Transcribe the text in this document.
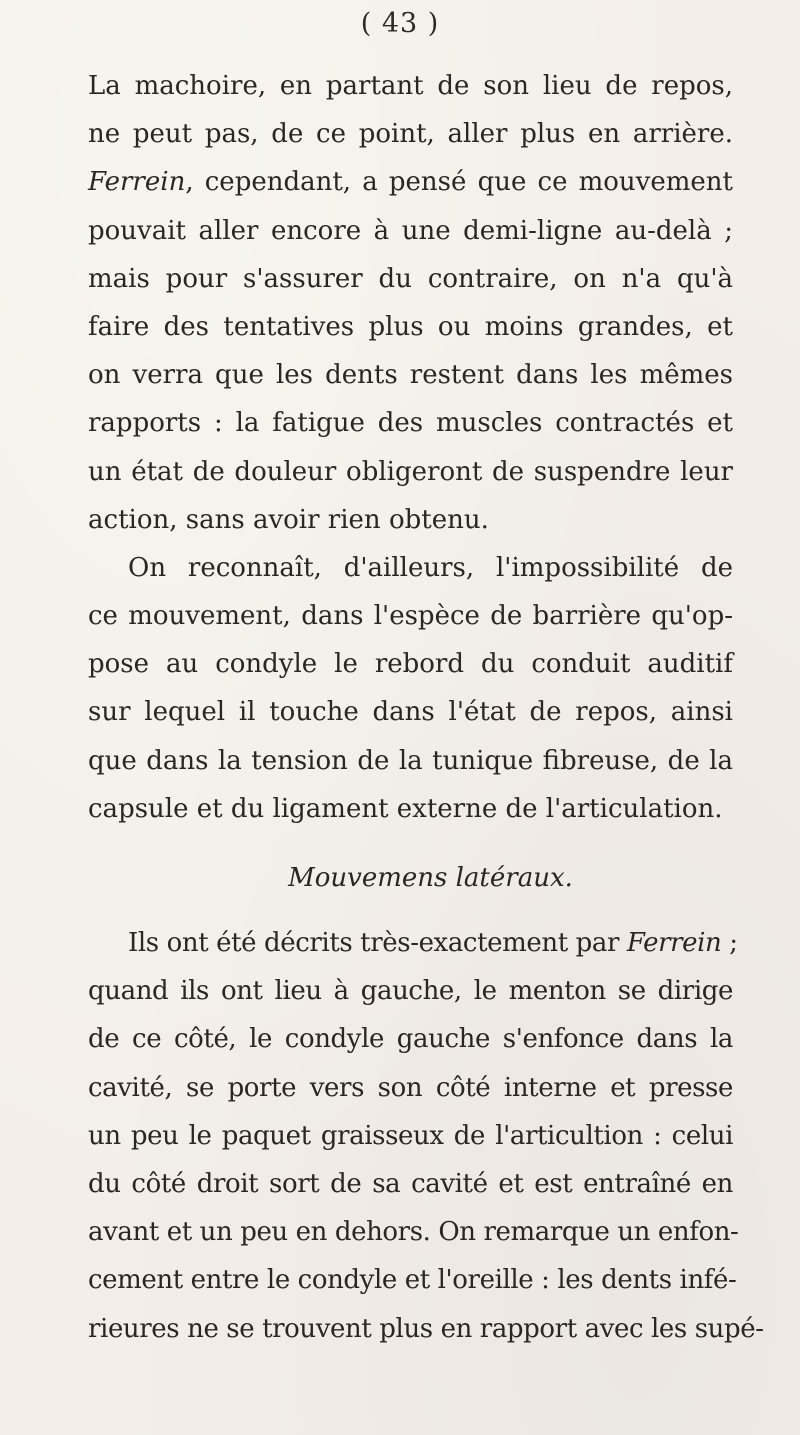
( 43 )
La machoire, en partant de son lieu de repos,
ne peut pas, de ce point, aller plus en arrière.
Ferrein, cependant, a pensé que ce mouvement
pouvait aller encore à une demi-ligne au-delà ;
mais pour s'assurer du contraire, on n'a qu'à
faire des tentatives plus ou moins grandes, et
on verra que les dents restent dans les mêmes
rapports : la fatigue des muscles contractés et
un état de douleur obligeront de suspendre leur
action, sans avoir rien obtenu.
On reconnaît, d'ailleurs, l'impossibilité de
ce mouvement, dans l'espèce de barrière qu'op-
pose au condyle le rebord du conduit auditif
sur lequel il touche dans l'état de repos, ainsi
que dans la tension de la tunique fibreuse, de la
capsule et du ligament externe de l'articulation.
Mouvemens latéraux.
Ils ont été décrits très-exactement par Ferrein ;
quand ils ont lieu à gauche, le menton se dirige
de ce côté, le condyle gauche s'enfonce dans la
cavité, se porte vers son côté interne et presse
un peu le paquet graisseux de l'articultion : celui
du côté droit sort de sa cavité et est entraîné en
avant et un peu en dehors. On remarque un enfon-
cement entre le condyle et l'oreille : les dents infé-
rieures ne se trouvent plus en rapport avec les supé-
